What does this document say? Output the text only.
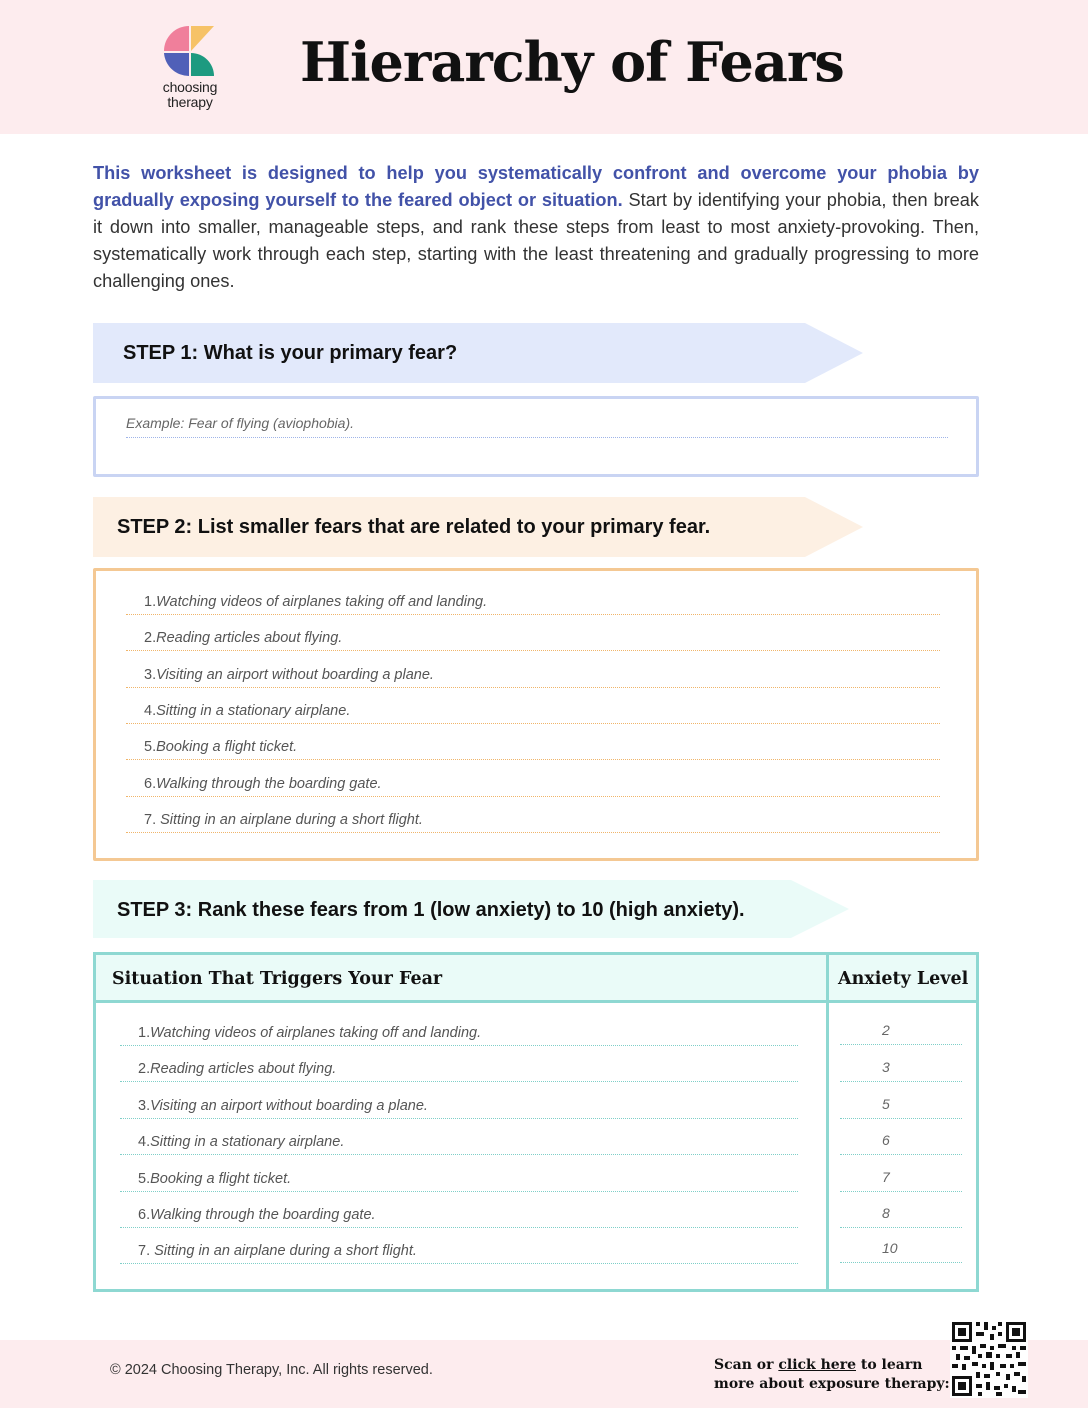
choosing
therapy
Hierarchy of Fears

This worksheet is designed to help you systematically confront and overcome your phobia by gradually exposing yourself to the feared object or situation. Start by identifying your phobia, then break it down into smaller, manageable steps, and rank these steps from least to most anxiety-provoking. Then, systematically work through each step, starting with the least threatening and gradually progressing to more challenging ones.

STEP 1: What is your primary fear?
Example: Fear of flying (aviophobia).
STEP 2: List smaller fears that are related to your primary fear.
1.Watching videos of airplanes taking off and landing.
2.Reading articles about flying.
3.Visiting an airport without boarding a plane.
4.Sitting in a stationary airplane.
5.Booking a flight ticket.
6.Walking through the boarding gate.
7. Sitting in an airplane during a short flight.
STEP 3: Rank these fears from 1 (low anxiety) to 10 (high anxiety).
Situation That Triggers Your Fear	Anxiety Level
1.Watching videos of airplanes taking off and landing.	2
2.Reading articles about flying.	3
3.Visiting an airport without boarding a plane.	5
4.Sitting in a stationary airplane.	6
5.Booking a flight ticket.	7
6.Walking through the boarding gate.	8
7. Sitting in an airplane during a short flight.	10
© 2024 Choosing Therapy, Inc. All rights reserved.	Scan or click here to learn
more about exposure therapy:
